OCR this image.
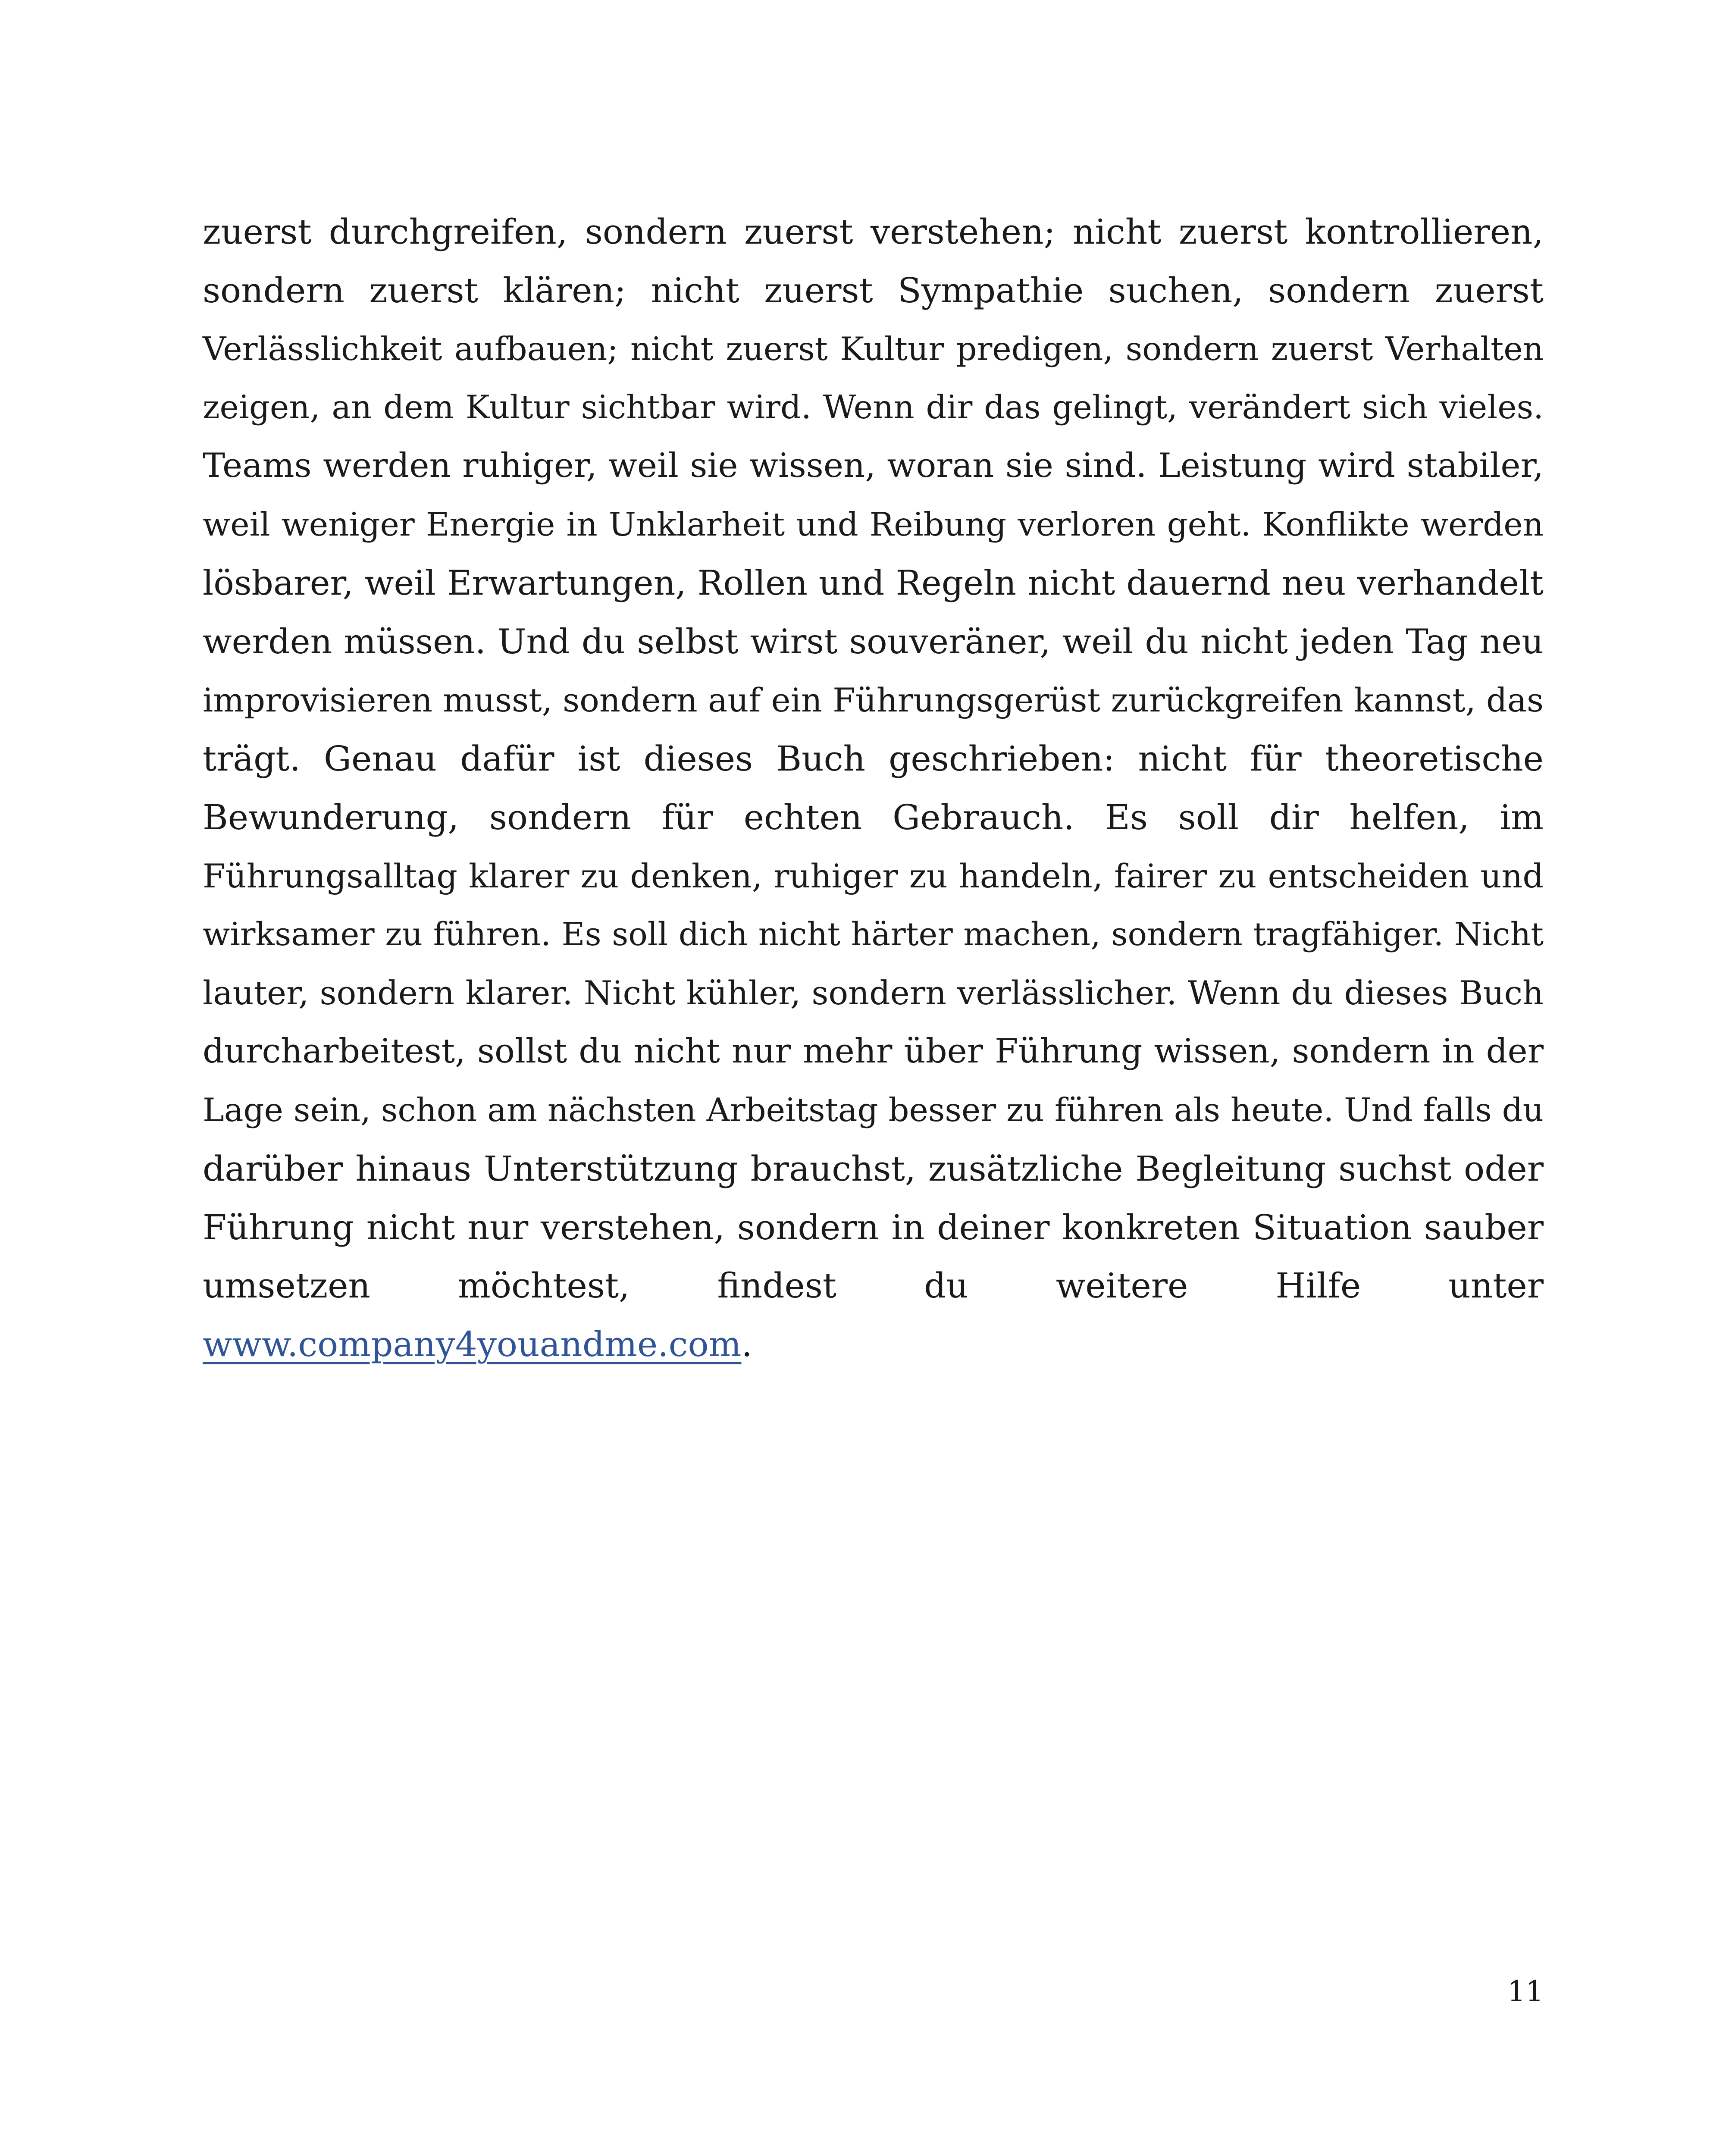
zuerst durchgreifen, sondern zuerst verstehen; nicht zuerst kontrollieren,
sondern zuerst klären; nicht zuerst Sympathie suchen, sondern zuerst
Verlässlichkeit aufbauen; nicht zuerst Kultur predigen, sondern zuerst Verhalten
zeigen, an dem Kultur sichtbar wird. Wenn dir das gelingt, verändert sich vieles.
Teams werden ruhiger, weil sie wissen, woran sie sind. Leistung wird stabiler,
weil weniger Energie in Unklarheit und Reibung verloren geht. Konflikte werden
lösbarer, weil Erwartungen, Rollen und Regeln nicht dauernd neu verhandelt
werden müssen. Und du selbst wirst souveräner, weil du nicht jeden Tag neu
improvisieren musst, sondern auf ein Führungsgerüst zurückgreifen kannst, das
trägt. Genau dafür ist dieses Buch geschrieben: nicht für theoretische
Bewunderung, sondern für echten Gebrauch. Es soll dir helfen, im
Führungsalltag klarer zu denken, ruhiger zu handeln, fairer zu entscheiden und
wirksamer zu führen. Es soll dich nicht härter machen, sondern tragfähiger. Nicht
lauter, sondern klarer. Nicht kühler, sondern verlässlicher. Wenn du dieses Buch
durcharbeitest, sollst du nicht nur mehr über Führung wissen, sondern in der
Lage sein, schon am nächsten Arbeitstag besser zu führen als heute. Und falls du
darüber hinaus Unterstützung brauchst, zusätzliche Begleitung suchst oder
Führung nicht nur verstehen, sondern in deiner konkreten Situation sauber
umsetzen möchtest, findest du weitere Hilfe unter
www.company4youandme.com.
11
